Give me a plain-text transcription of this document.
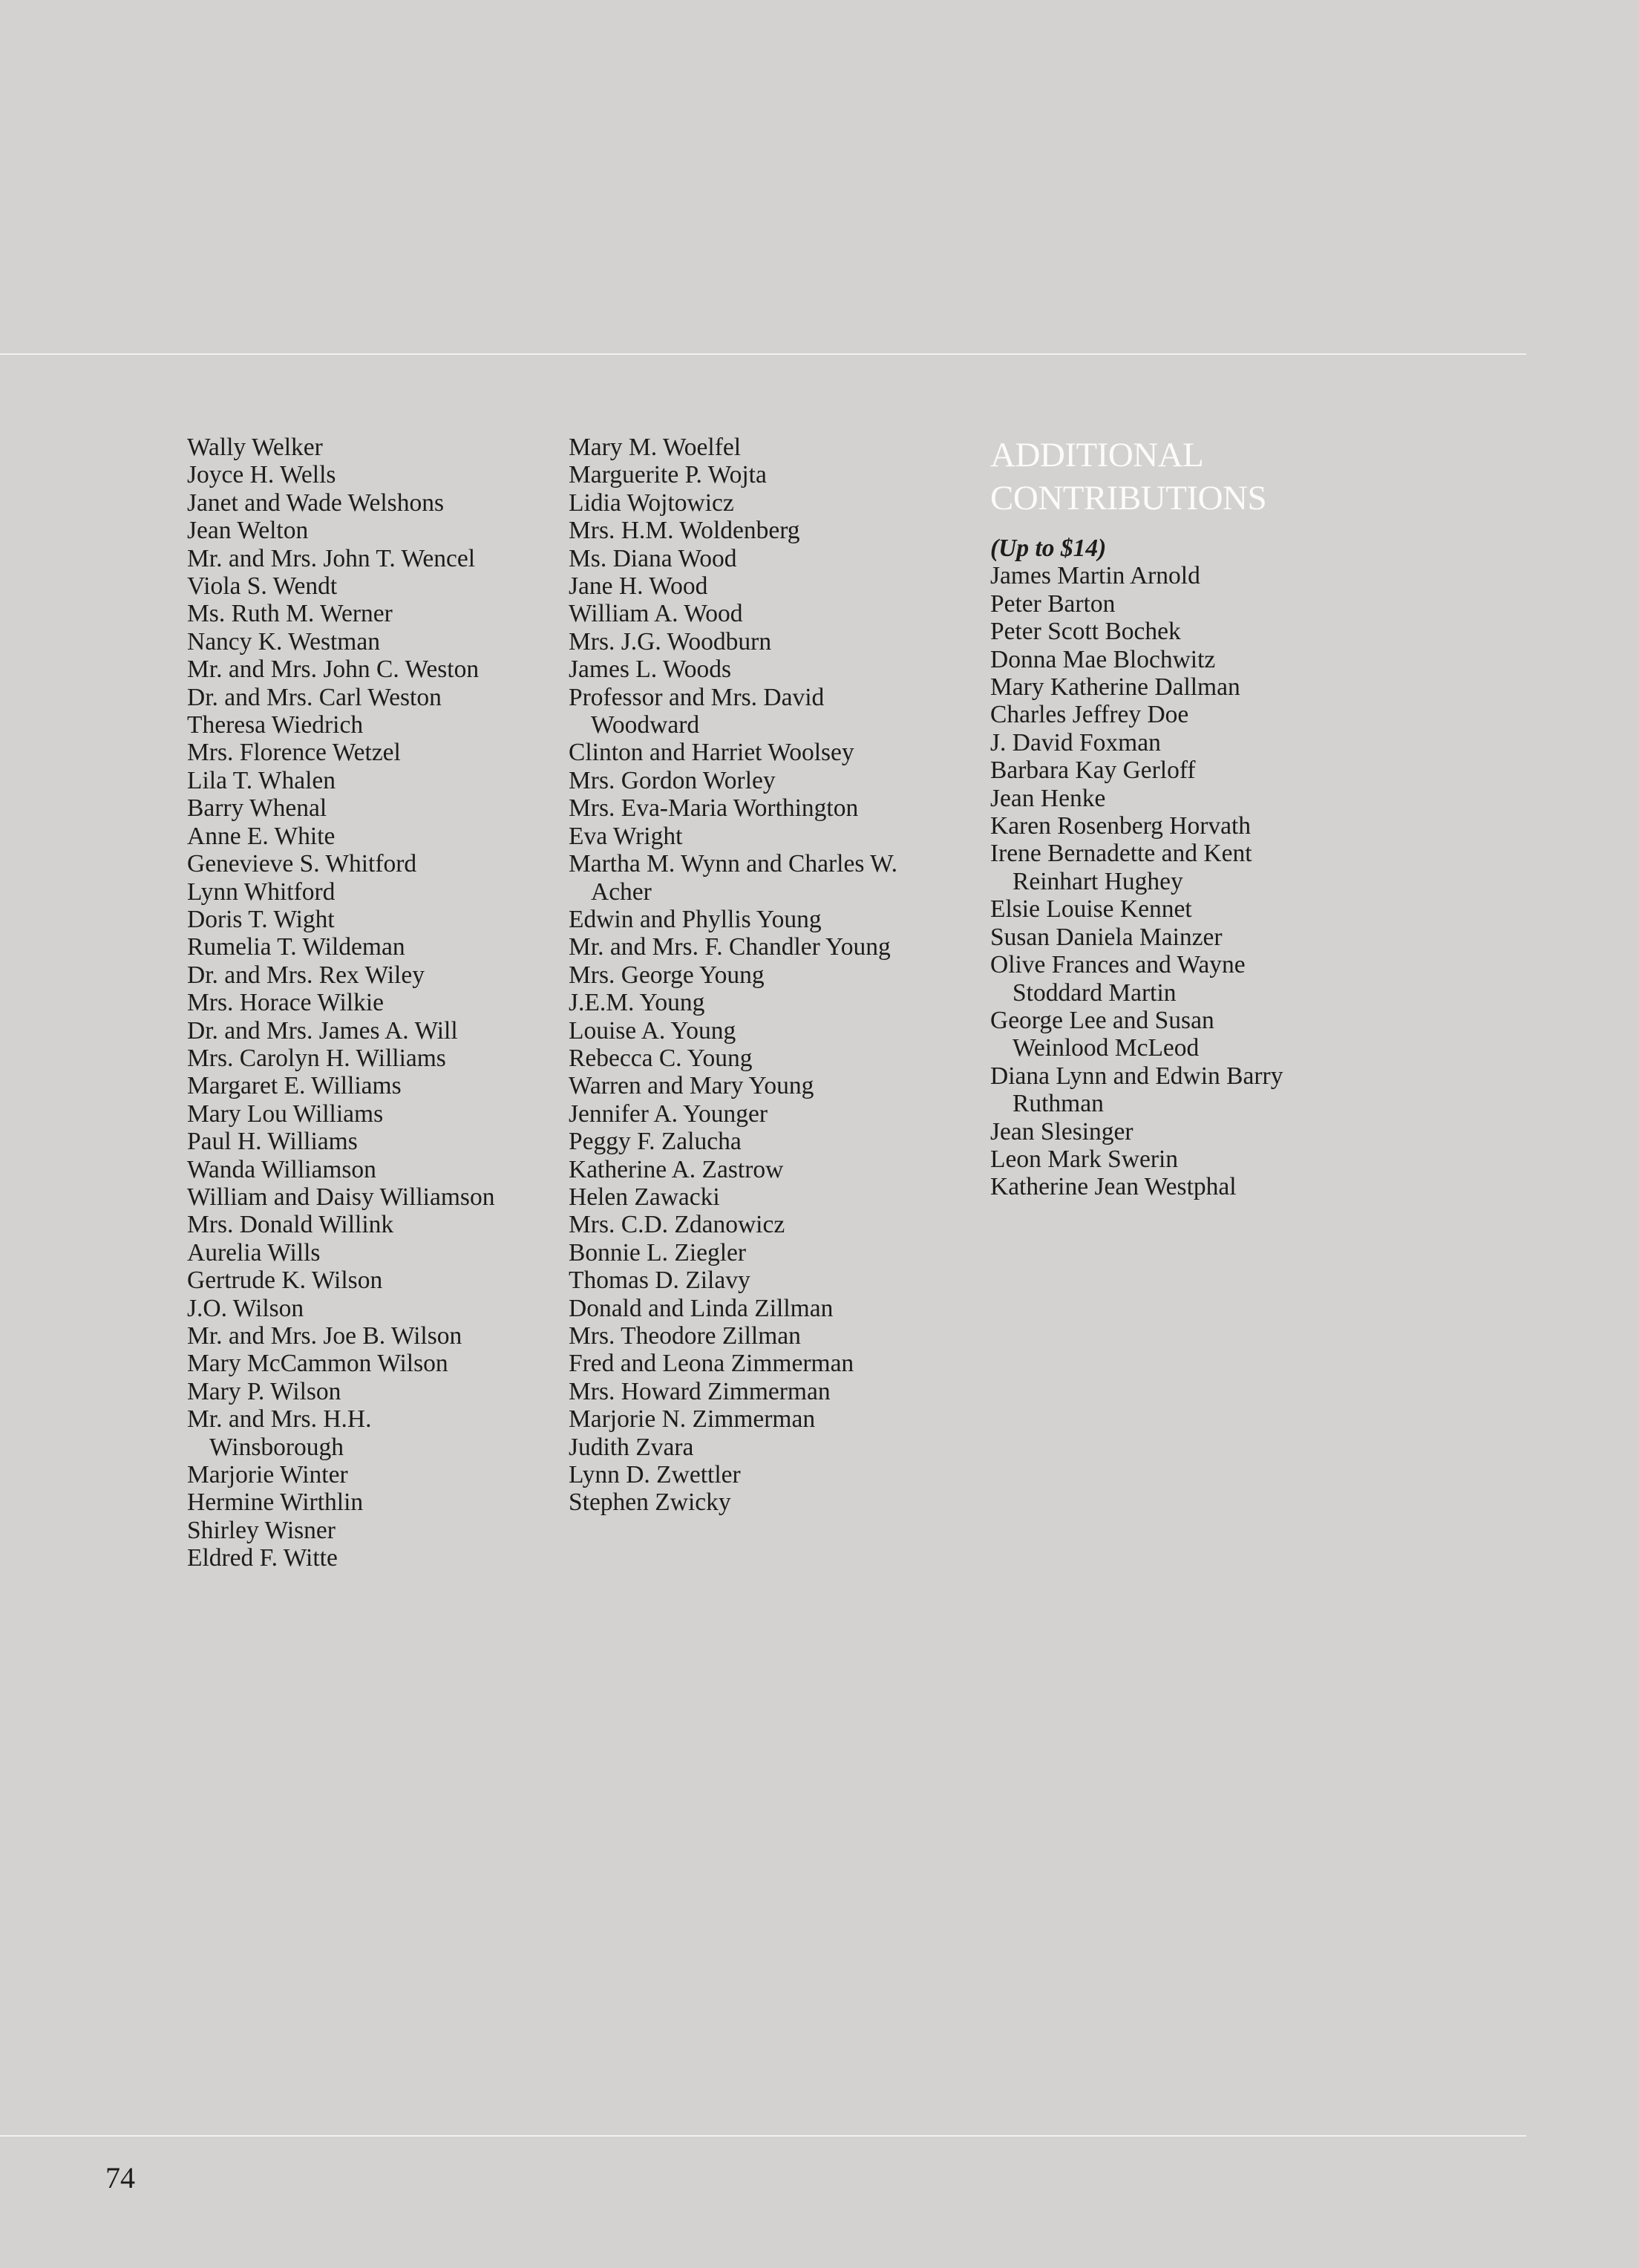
Wally Welker
Joyce H. Wells
Janet and Wade Welshons
Jean Welton
Mr. and Mrs. John T. Wencel
Viola S. Wendt
Ms. Ruth M. Werner
Nancy K. Westman
Mr. and Mrs. John C. Weston
Dr. and Mrs. Carl Weston
Theresa Wiedrich
Mrs. Florence Wetzel
Lila T. Whalen
Barry Whenal
Anne E. White
Genevieve S. Whitford
Lynn Whitford
Doris T. Wight
Rumelia T. Wildeman
Dr. and Mrs. Rex Wiley
Mrs. Horace Wilkie
Dr. and Mrs. James A. Will
Mrs. Carolyn H. Williams
Margaret E. Williams
Mary Lou Williams
Paul H. Williams
Wanda Williamson
William and Daisy Williamson
Mrs. Donald Willink
Aurelia Wills
Gertrude K. Wilson
J.O. Wilson
Mr. and Mrs. Joe B. Wilson
Mary McCammon Wilson
Mary P. Wilson
Mr. and Mrs. H.H. Winsborough
Marjorie Winter
Hermine Wirthlin
Shirley Wisner
Eldred F. Witte
Mary M. Woelfel
Marguerite P. Wojta
Lidia Wojtowicz
Mrs. H.M. Woldenberg
Ms. Diana Wood
Jane H. Wood
William A. Wood
Mrs. J.G. Woodburn
James L. Woods
Professor and Mrs. David Woodward
Clinton and Harriet Woolsey
Mrs. Gordon Worley
Mrs. Eva-Maria Worthington
Eva Wright
Martha M. Wynn and Charles W. Acher
Edwin and Phyllis Young
Mr. and Mrs. F. Chandler Young
Mrs. George Young
J.E.M. Young
Louise A. Young
Rebecca C. Young
Warren and Mary Young
Jennifer A. Younger
Peggy F. Zalucha
Katherine A. Zastrow
Helen Zawacki
Mrs. C.D. Zdanowicz
Bonnie L. Ziegler
Thomas D. Zilavy
Donald and Linda Zillman
Mrs. Theodore Zillman
Fred and Leona Zimmerman
Mrs. Howard Zimmerman
Marjorie N. Zimmerman
Judith Zvara
Lynn D. Zwettler
Stephen Zwicky
ADDITIONAL CONTRIBUTIONS
(Up to $14)
James Martin Arnold
Peter Barton
Peter Scott Bochek
Donna Mae Blochwitz
Mary Katherine Dallman
Charles Jeffrey Doe
J. David Foxman
Barbara Kay Gerloff
Jean Henke
Karen Rosenberg Horvath
Irene Bernadette and Kent Reinhart Hughey
Elsie Louise Kennet
Susan Daniela Mainzer
Olive Frances and Wayne Stoddard Martin
George Lee and Susan Weinlood McLeod
Diana Lynn and Edwin Barry Ruthman
Jean Slesinger
Leon Mark Swerin
Katherine Jean Westphal
74
